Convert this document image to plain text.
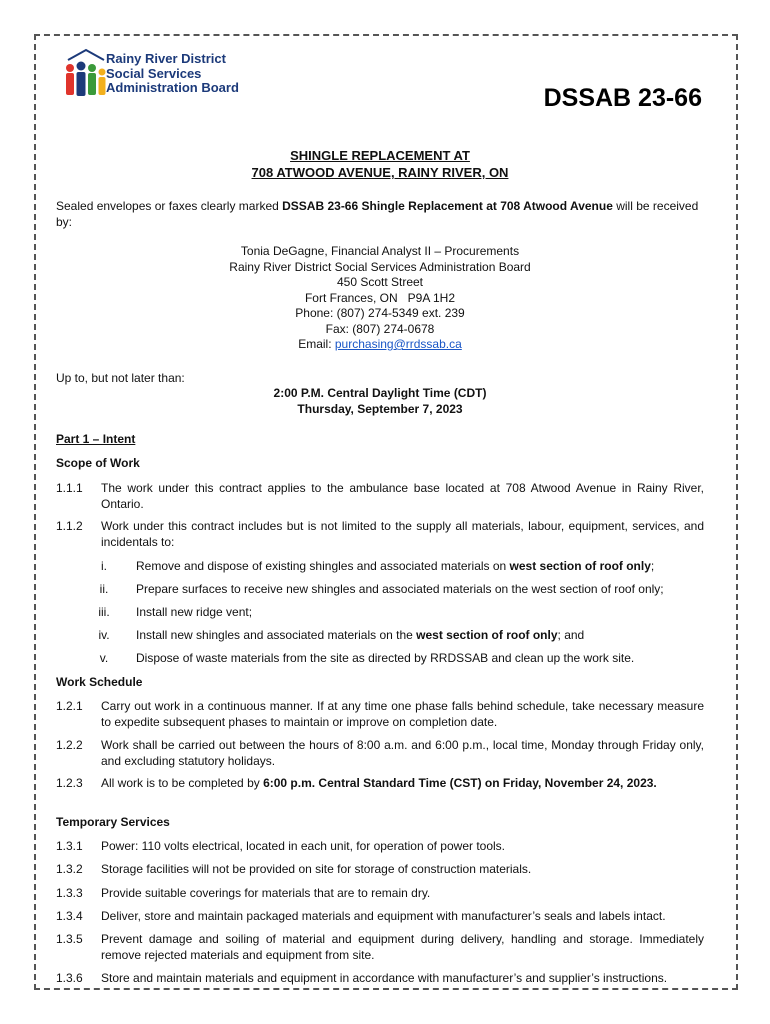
Rainy River District
Social Services
Administration Board	DSSAB 23-66
SHINGLE REPLACEMENT AT
708 ATWOOD AVENUE, RAINY RIVER, ON

Sealed envelopes or faxes clearly marked DSSAB 23-66 Shingle Replacement at 708 Atwood Avenue will be received by:

Tonia DeGagne, Financial Analyst II – Procurements
Rainy River District Social Services Administration Board
450 Scott Street
Fort Frances, ON   P9A 1H2
Phone: (807) 274-5349 ext. 239
Fax: (807) 274-0678
Email: purchasing@rrdssab.ca
Up to, but not later than:
2:00 P.M. Central Daylight Time (CDT)
Thursday, September 7, 2023
Part 1 – Intent
Scope of Work
1.1.1	The work under this contract applies to the ambulance base located at 708 Atwood Avenue in Rainy River, Ontario.
1.1.2	Work under this contract includes but is not limited to the supply all materials, labour, equipment, services, and incidentals to:
i.	Remove and dispose of existing shingles and associated materials on west section of roof only;
ii.	Prepare surfaces to receive new shingles and associated materials on the west section of roof only;
iii.	Install new ridge vent;
iv.	Install new shingles and associated materials on the west section of roof only; and
v.	Dispose of waste materials from the site as directed by RRDSSAB and clean up the work site.
Work Schedule
1.2.1	Carry out work in a continuous manner. If at any time one phase falls behind schedule, take necessary measure to expedite subsequent phases to maintain or improve on completion date.
1.2.2	Work shall be carried out between the hours of 8:00 a.m. and 6:00 p.m., local time, Monday through Friday only, and excluding statutory holidays.
1.2.3	All work is to be completed by 6:00 p.m. Central Standard Time (CST) on Friday, November 24, 2023.
Temporary Services
1.3.1	Power: 110 volts electrical, located in each unit, for operation of power tools.
1.3.2	Storage facilities will not be provided on site for storage of construction materials.
1.3.3	Provide suitable coverings for materials that are to remain dry.
1.3.4	Deliver, store and maintain packaged materials and equipment with manufacturer’s seals and labels intact.
1.3.5	Prevent damage and soiling of material and equipment during delivery, handling and storage. Immediately remove rejected materials and equipment from site.
1.3.6	Store and maintain materials and equipment in accordance with manufacturer’s and supplier’s instructions.
